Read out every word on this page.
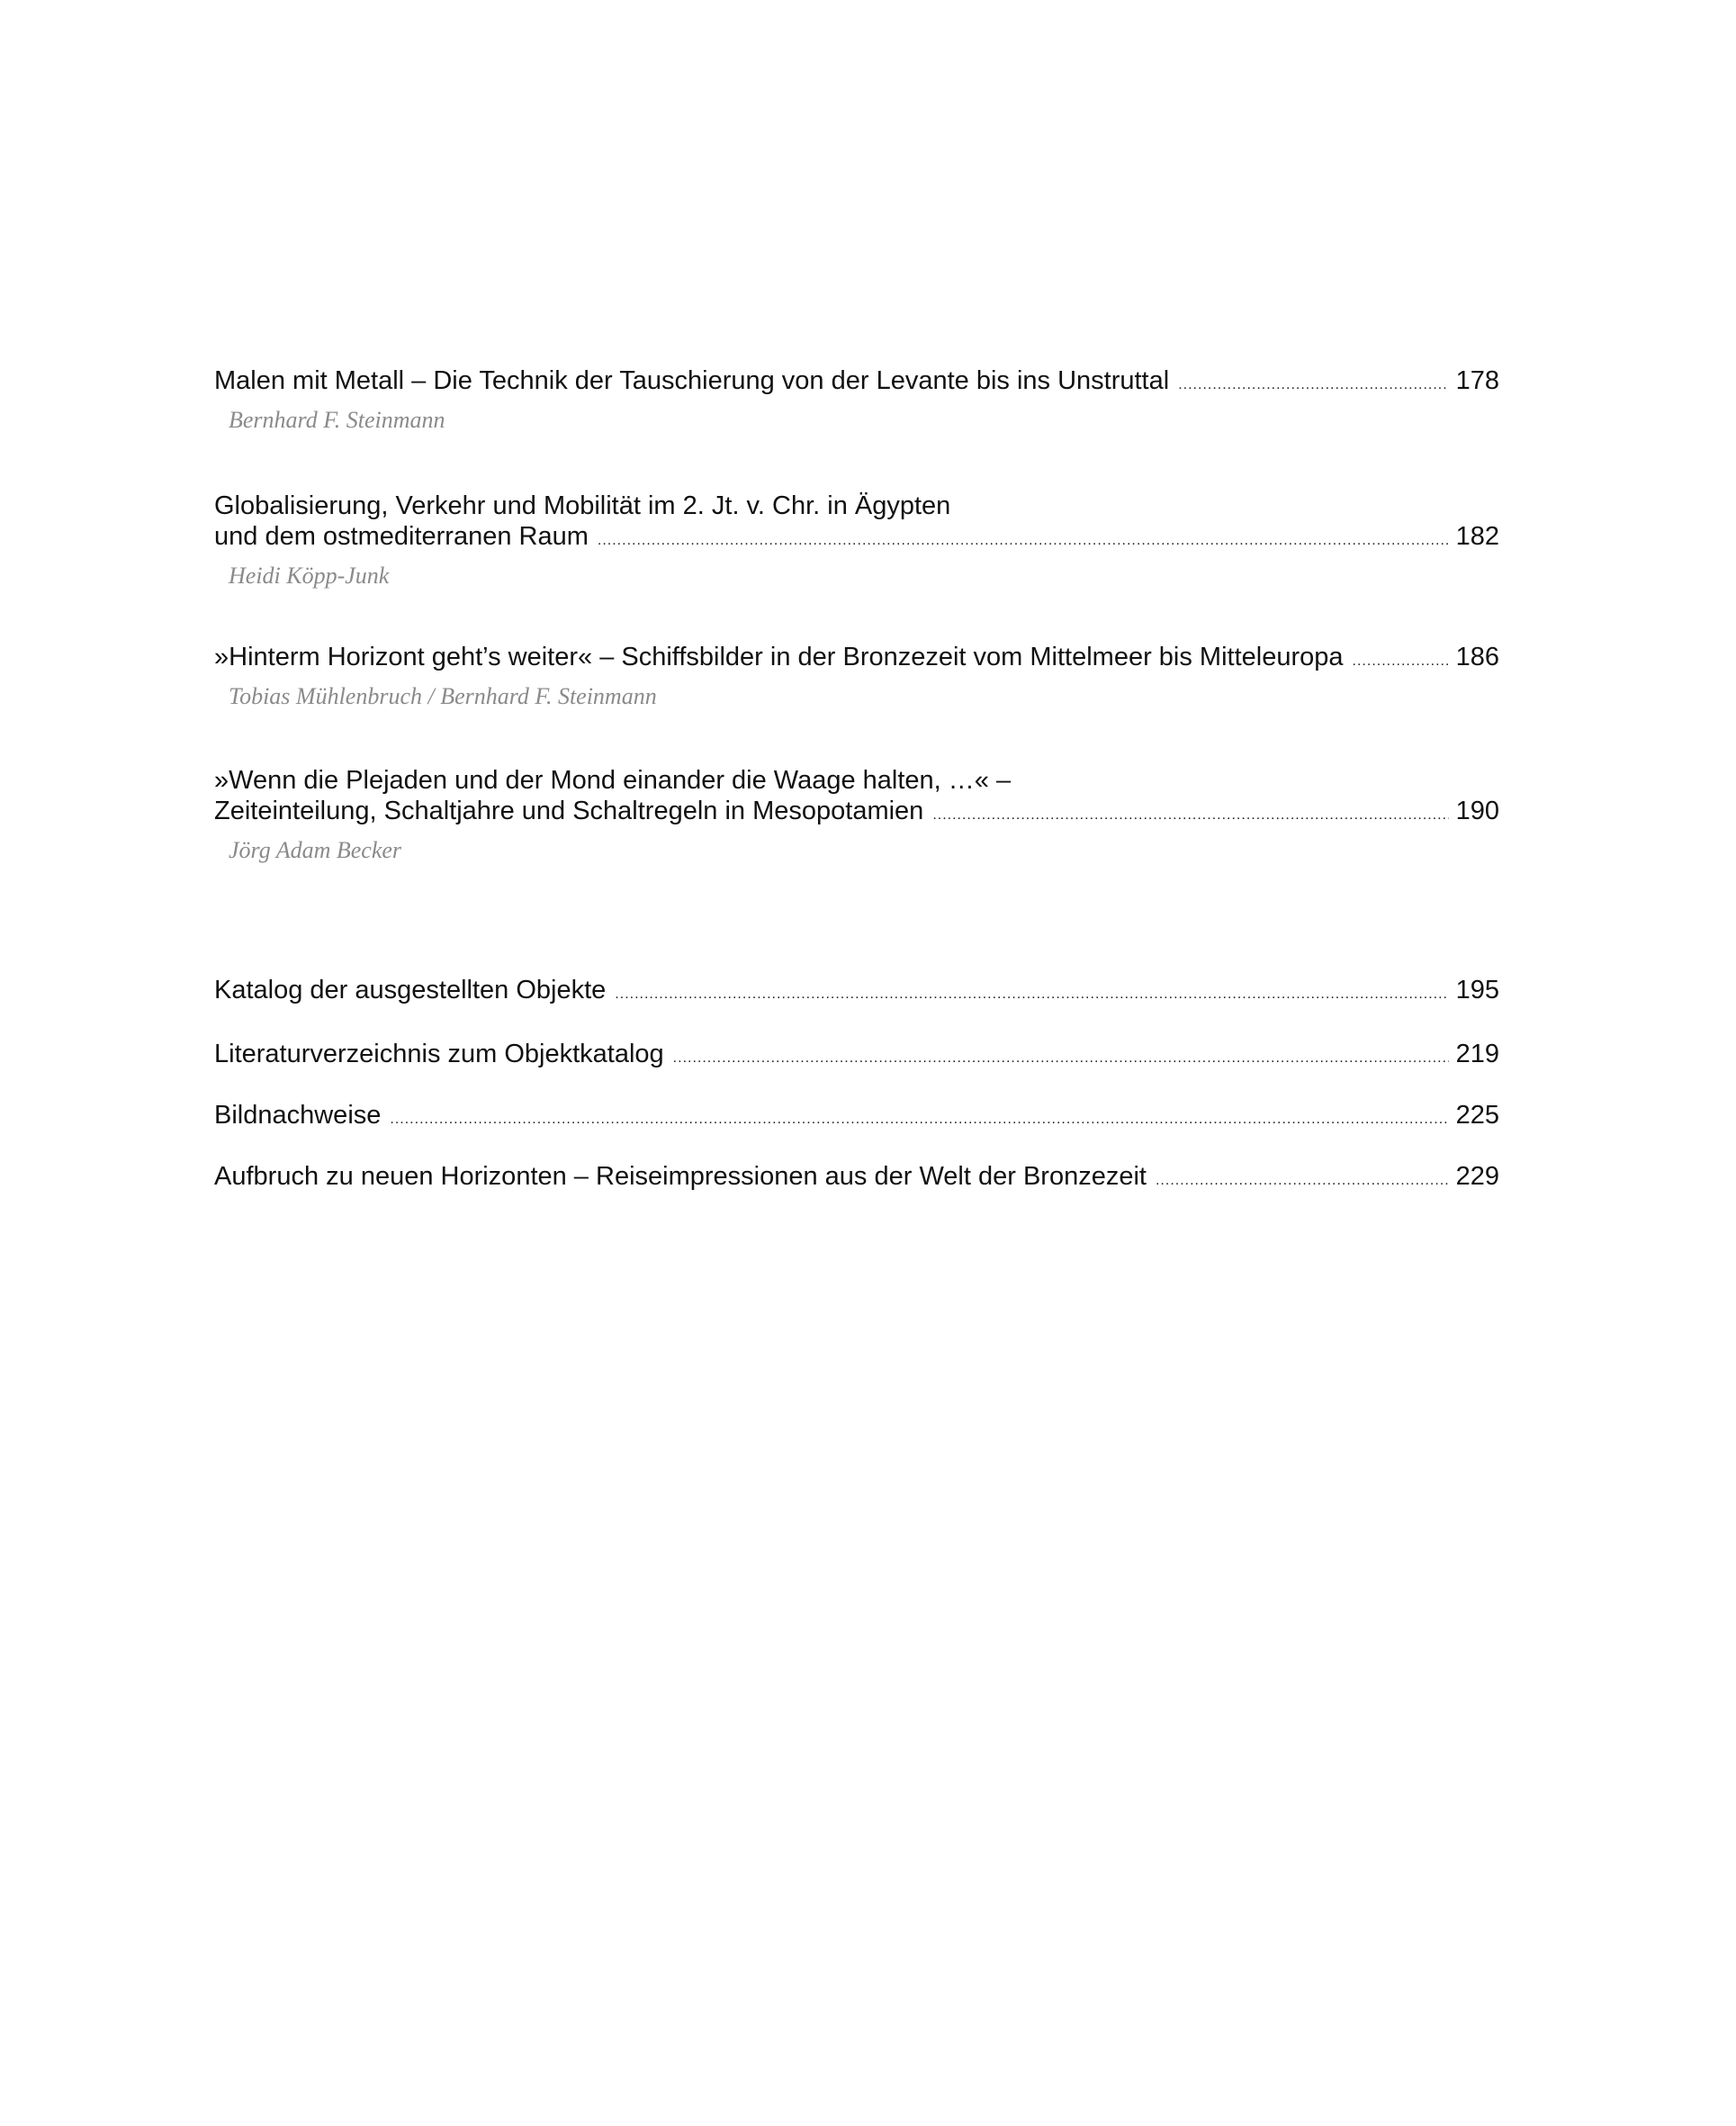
Malen mit Metall – Die Technik der Tauschierung von der Levante bis ins Unstruttal .....	178
Bernhard F. Steinmann
Globalisierung, Verkehr und Mobilität im 2. Jt. v. Chr. in Ägypten
und dem ostmediterranen Raum .....	182
Heidi Köpp-Junk
»Hinterm Horizont geht’s weiter« – Schiffsbilder in der Bronzezeit vom Mittelmeer bis Mitteleuropa .....	186
Tobias Mühlenbruch / Bernhard F. Steinmann
»Wenn die Plejaden und der Mond einander die Waage halten, …« –
Zeiteinteilung, Schaltjahre und Schaltregeln in Mesopotamien .....	190
Jörg Adam Becker
Katalog der ausgestellten Objekte .....	195
Literaturverzeichnis zum Objektkatalog .....	219
Bildnachweise .....	225
Aufbruch zu neuen Horizonten – Reiseimpressionen aus der Welt der Bronzezeit .....	229
